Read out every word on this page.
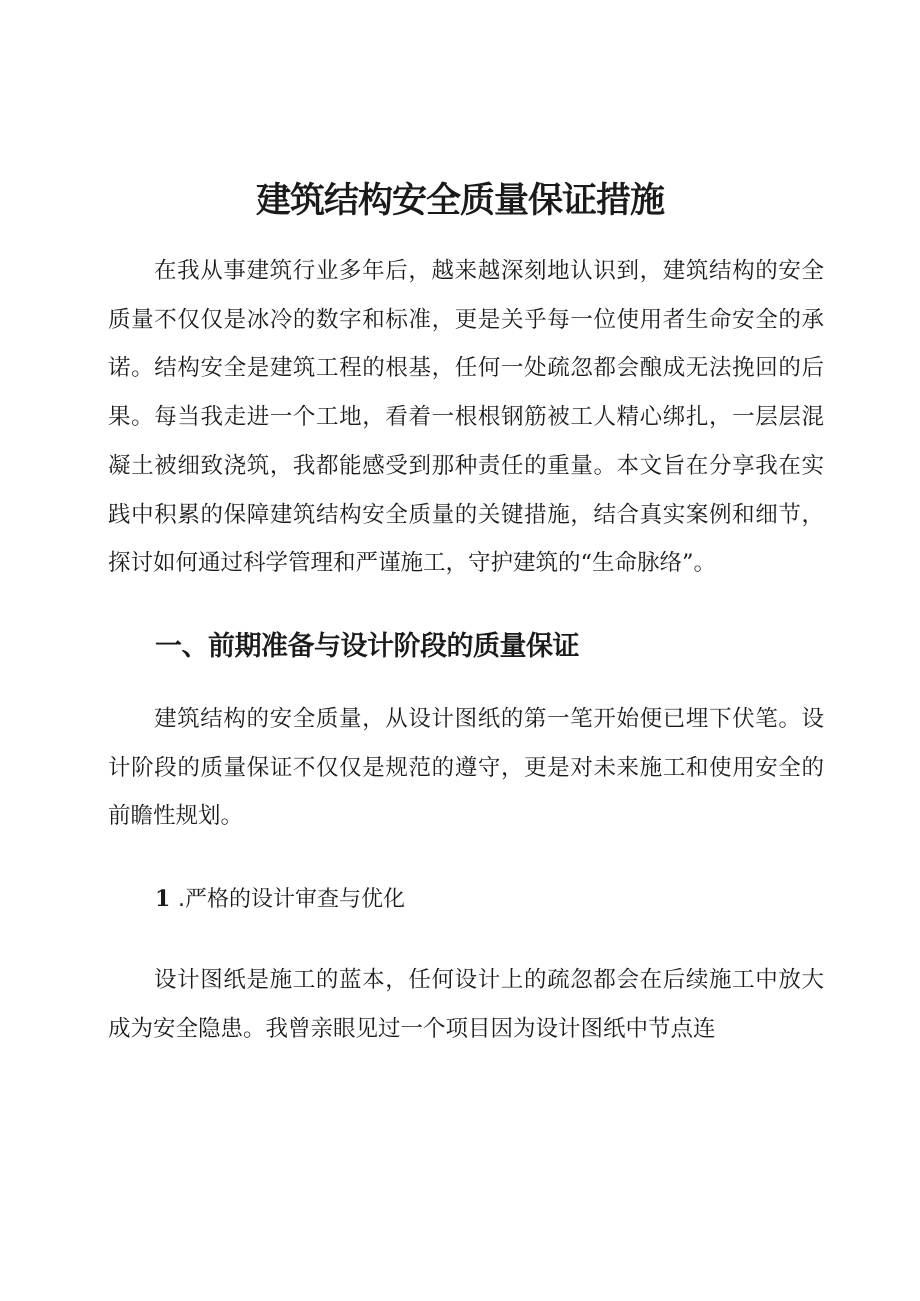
建筑结构安全质量保证措施

在我从事建筑行业多年后，越来越深刻地认识到，建筑结构的安全质量不仅仅是冰冷的数字和标准，更是关乎每一位使用者生命安全的承诺。结构安全是建筑工程的根基，任何一处疏忽都会酿成无法挽回的后果。每当我走进一个工地，看着一根根钢筋被工人精心绑扎，一层层混凝土被细致浇筑，我都能感受到那种责任的重量。本文旨在分享我在实践中积累的保障建筑结构安全质量的关键措施，结合真实案例和细节，探讨如何通过科学管理和严谨施工，守护建筑的“生命脉络”。

一、前期准备与设计阶段的质量保证

建筑结构的安全质量，从设计图纸的第一笔开始便已埋下伏笔。设计阶段的质量保证不仅仅是规范的遵守，更是对未来施工和使用安全的前瞻性规划。

1 .严格的设计审查与优化

设计图纸是施工的蓝本，任何设计上的疏忽都会在后续施工中放大成为安全隐患。我曾亲眼见过一个项目因为设计图纸中节点连
